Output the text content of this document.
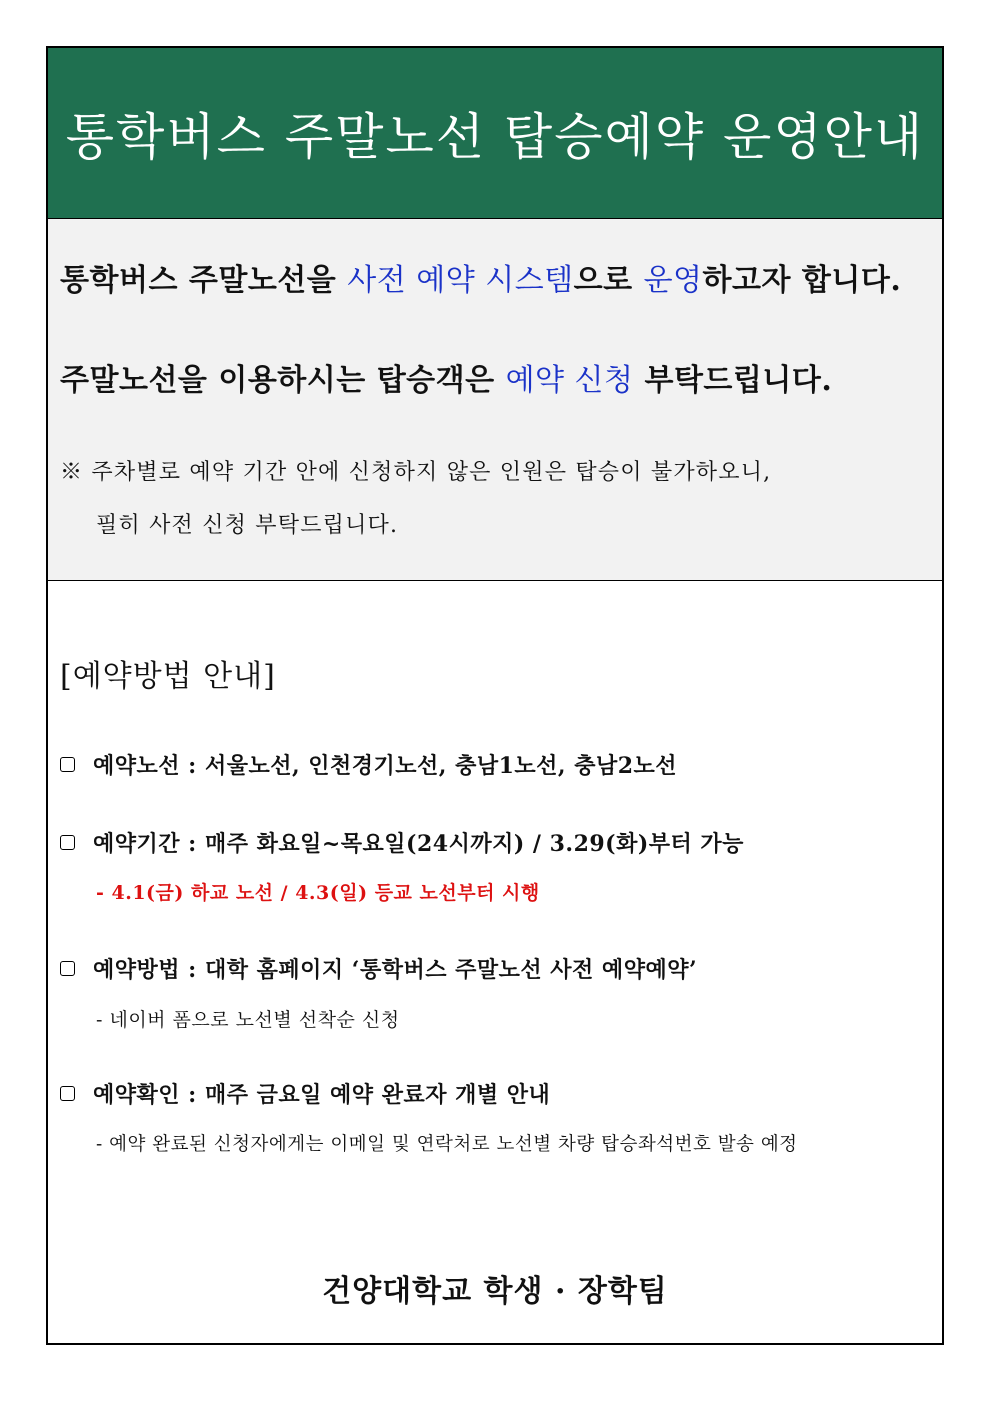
통학버스 주말노선 탑승예약 운영안내
통학버스 주말노선을 사전 예약 시스템으로 운영하고자 합니다.
주말노선을 이용하시는 탑승객은 예약 신청 부탁드립니다.
※ 주차별로 예약 기간 안에 신청하지 않은 인원은 탑승이 불가하오니,
필히 사전 신청 부탁드립니다.
[예약방법 안내]
예약노선 : 서울노선, 인천경기노선, 충남1노선, 충남2노선
예약기간 : 매주 화요일~목요일(24시까지) / 3.29(화)부터 가능
- 4.1(금) 하교 노선 / 4.3(일) 등교 노선부터 시행
예약방법 : 대학 홈페이지 ‘통학버스 주말노선 사전 예약예약’
- 네이버 폼으로 노선별 선착순 신청
예약확인 : 매주 금요일 예약 완료자 개별 안내
- 예약 완료된 신청자에게는 이메일 및 연락처로 노선별 차량 탑승좌석번호 발송 예정
건양대학교 학생 · 장학팀
